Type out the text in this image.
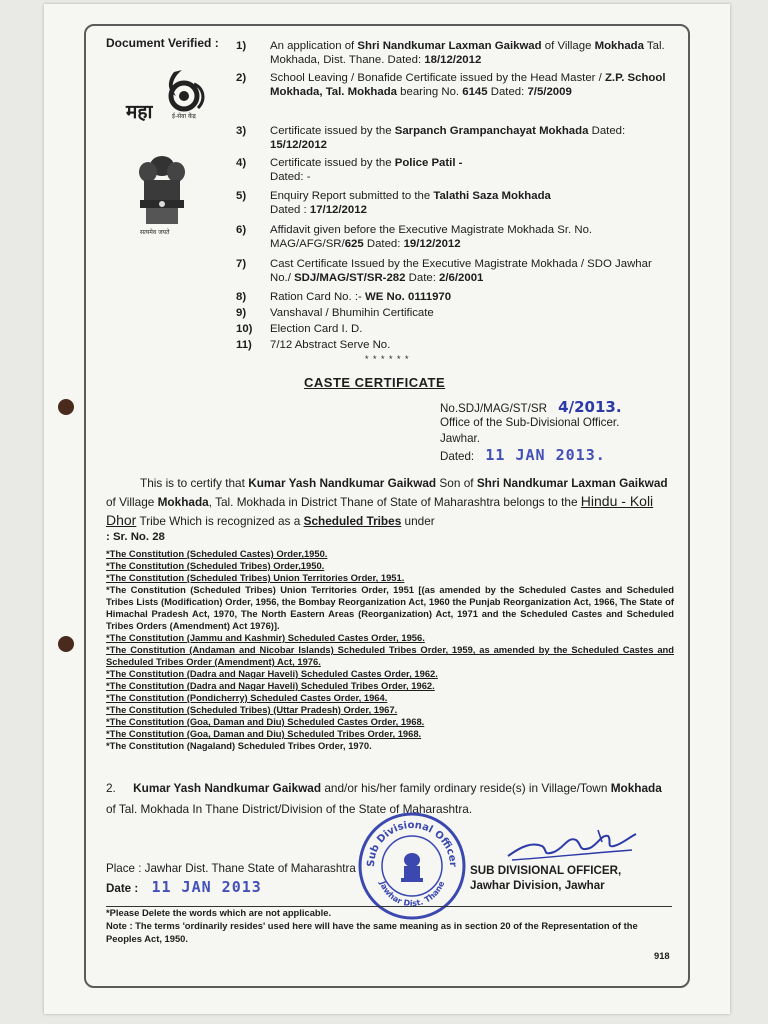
Document Verified :
महा	ई-सेवा केंद्र
सत्यमेव जयते
1)	An application of Shri Nandkumar Laxman Gaikwad of Village Mokhada Tal. Mokhada, Dist. Thane. Dated: 18/12/2012
2)	School Leaving / Bonafide Certificate issued by the Head Master / Z.P. School Mokhada, Tal. Mokhada bearing No. 6145 Dated: 7/5/2009
3)	Certificate issued by the Sarpanch Grampanchayat Mokhada Dated: 15/12/2012
4)	Certificate issued by the Police Patil -
Dated: -
5)	Enquiry Report submitted to the Talathi Saza Mokhada
Dated : 17/12/2012
6)	Affidavit given before the Executive Magistrate Mokhada Sr. No. MAG/AFG/SR/625 Dated: 19/12/2012
7)	Cast Certificate Issued by the Executive Magistrate Mokhada / SDO Jawhar No./ SDJ/MAG/ST/SR-282 Date: 2/6/2001
8)	Ration Card No. :- WE No. 0111970
9)	Vanshaval / Bhumihin Certificate
10)	Election Card I. D.
11)	7/12 Abstract Serve No.
* * * * * *
CASTE CERTIFICATE
No.SDJ/MAG/ST/SR 4/2013.
Office of the Sub-Divisional Officer.
Jawhar.
Dated: 11 JAN 2013.
This is to certify that Kumar Yash Nandkumar Gaikwad Son of Shri Nandkumar Laxman Gaikwad of Village Mokhada, Tal. Mokhada in District Thane of State of Maharashtra belongs to the Hindu - Koli Dhor Tribe Which is recognized as a Scheduled Tribes under
: Sr. No. 28
*The Constitution (Scheduled Castes) Order,1950.
*The Constitution (Scheduled Tribes) Order,1950.
*The Constitution (Scheduled Tribes) Union Territories Order, 1951.
*The Constitution (Scheduled Tribes) Union Territories Order, 1951 [(as amended by the Scheduled Castes and Scheduled Tribes Lists (Modification) Order, 1956, the Bombay Reorganization Act, 1960 the Punjab Reorganization Act, 1966, The State of Himachal Pradesh Act, 1970, The North Eastern Areas (Reorganization) Act, 1971 and the Scheduled Castes and Scheduled Tribes Orders (Amendment) Act 1976)].
*The Constitution (Jammu and Kashmir) Scheduled Castes Order, 1956.
*The Constitution (Andaman and Nicobar Islands) Scheduled Tribes Order, 1959, as amended by the Scheduled Castes and Scheduled Tribes Order (Amendment) Act, 1976.
*The Constitution (Dadra and Nagar Haveli) Scheduled Castes Order, 1962.
*The Constitution (Dadra and Nagar Haveli) Scheduled Tribes Order, 1962.
*The Constitution (Pondicherry) Scheduled Castes Order, 1964.
*The Constitution (Scheduled Tribes) (Uttar Pradesh) Order, 1967.
*The Constitution (Goa, Daman and Diu) Scheduled Castes Order, 1968.
*The Constitution (Goa, Daman and Diu) Scheduled Tribes Order, 1968.
*The Constitution (Nagaland) Scheduled Tribes Order, 1970.
2. Kumar Yash Nandkumar Gaikwad and/or his/her family ordinary reside(s) in Village/Town Mokhada of Tal. Mokhada In Thane District/Division of the State of Maharashtra.
Sub Divisional Officer
Jawhar Dist. Thane
Place : Jawhar Dist. Thane State of Maharashtra
Date : 11 JAN 2013
SUB DIVISIONAL OFFICER,
Jawhar Division, Jawhar
*Please Delete the words which are not applicable.
Note : The terms 'ordinarily resides' used here will have the same meaning as in section 20 of the Representation of the Peoples Act, 1950.
918
